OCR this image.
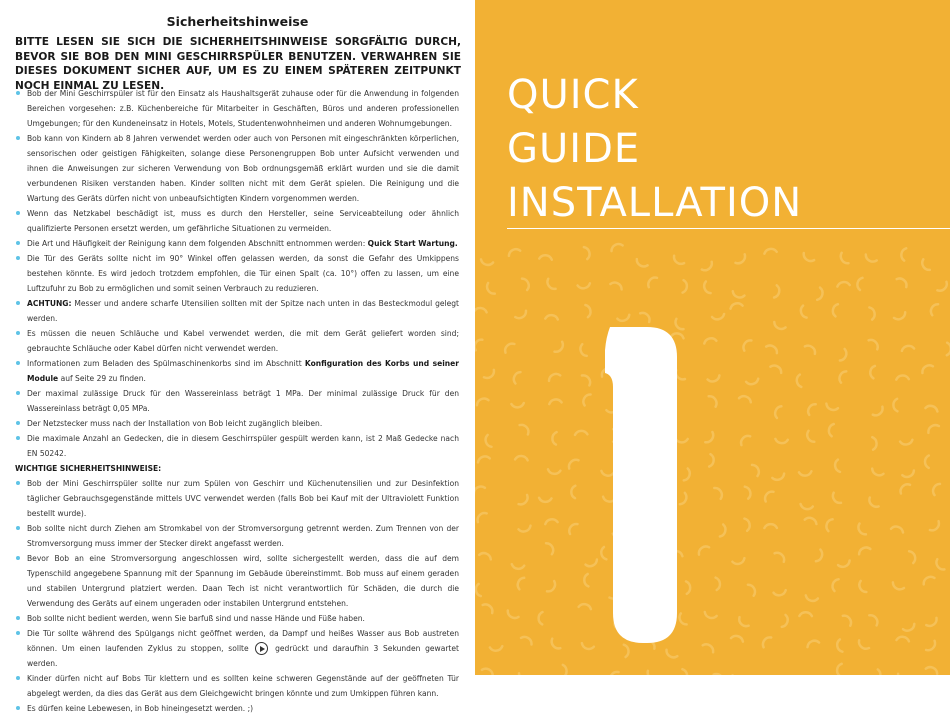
Sicherheitshinweise
BITTE LESEN SIE SICH DIE SICHERHEITSHINWEISE SORGFÄLTIG DURCH, BEVOR SIE BOB DEN MINI GESCHIRRSPÜLER BENUTZEN. VERWAHREN SIE DIESES DOKUMENT SICHER AUF, UM ES ZU EINEM SPÄTEREN ZEITPUNKT NOCH EINMAL ZU LESEN.
Bob der Mini Geschirrspüler ist für den Einsatz als Haushaltsgerät zuhause oder für die Anwendung in folgenden Bereichen vorgesehen: z.B. Küchenbereiche für Mitarbeiter in Geschäften, Büros und anderen professionellen Umgebungen; für den Kundeneinsatz in Hotels, Motels, Studentenwohnheimen und anderen Wohnumgebungen.
Bob kann von Kindern ab 8 Jahren verwendet werden oder auch von Personen mit eingeschränkten körperlichen, sensorischen oder geistigen Fähigkeiten, solange diese Personengruppen Bob unter Aufsicht verwenden und ihnen die Anweisungen zur sicheren Verwendung von Bob ordnungsgemäß erklärt wurden und sie die damit verbundenen Risiken verstanden haben. Kinder sollten nicht mit dem Gerät spielen. Die Reinigung und die Wartung des Geräts dürfen nicht von unbeaufsichtigten Kindern vorgenommen werden.
Wenn das Netzkabel beschädigt ist, muss es durch den Hersteller, seine Serviceabteilung oder ähnlich qualifizierte Personen ersetzt werden, um gefährliche Situationen zu vermeiden.
Die Art und Häufigkeit der Reinigung kann dem folgenden Abschnitt entnommen werden: Quick Start Wartung.
Die Tür des Geräts sollte nicht im 90° Winkel offen gelassen werden, da sonst die Gefahr des Umkippens bestehen könnte. Es wird jedoch trotzdem empfohlen, die Tür einen Spalt (ca. 10°) offen zu lassen, um eine Luftzufuhr zu Bob zu ermöglichen und somit seinen Verbrauch zu reduzieren.
ACHTUNG: Messer und andere scharfe Utensilien sollten mit der Spitze nach unten in das Besteckmodul gelegt werden.
Es müssen die neuen Schläuche und Kabel verwendet werden, die mit dem Gerät geliefert worden sind; gebrauchte Schläuche oder Kabel dürfen nicht verwendet werden.
Informationen zum Beladen des Spülmaschinenkorbs sind im Abschnitt Konfiguration des Korbs und seiner Module auf Seite 29 zu finden.
Der maximal zulässige Druck für den Wassereinlass beträgt 1 MPa. Der minimal zulässige Druck für den Wassereinlass beträgt 0,05 MPa.
Der Netzstecker muss nach der Installation von Bob leicht zugänglich bleiben.
Die maximale Anzahl an Gedecken, die in diesem Geschirrspüler gespült werden kann, ist 2 Maß Gedecke nach EN 50242.
WICHTIGE SICHERHEITSHINWEISE:
Bob der Mini Geschirrspüler sollte nur zum Spülen von Geschirr und Küchenutensilien und zur Desinfektion täglicher Gebrauchsgegenstände mittels UVC verwendet werden (falls Bob bei Kauf mit der Ultraviolett Funktion bestellt wurde).
Bob sollte nicht durch Ziehen am Stromkabel von der Stromversorgung getrennt werden. Zum Trennen von der Stromversorgung muss immer der Stecker direkt angefasst werden.
Bevor Bob an eine Stromversorgung angeschlossen wird, sollte sichergestellt werden, dass die auf dem Typenschild angegebene Spannung mit der Spannung im Gebäude übereinstimmt. Bob muss auf einem geraden und stabilen Untergrund platziert werden. Daan Tech ist nicht verantwortlich für Schäden, die durch die Verwendung des Geräts auf einem ungeraden oder instabilen Untergrund entstehen.
Bob sollte nicht bedient werden, wenn Sie barfuß sind und nasse Hände und Füße haben.
Die Tür sollte während des Spülgangs nicht geöffnet werden, da Dampf und heißes Wasser aus Bob austreten können. Um einen laufenden Zyklus zu stoppen, sollte  gedrückt und daraufhin 3 Sekunden gewartet werden.
Kinder dürfen nicht auf Bobs Tür klettern und es sollten keine schweren Gegenstände auf der geöffneten Tür abgelegt werden, da dies das Gerät aus dem Gleichgewicht bringen könnte und zum Umkippen führen kann.
Es dürfen keine Lebewesen, in Bob hineingesetzt werden. ;)
QUICK
GUIDE
INSTALLATION
